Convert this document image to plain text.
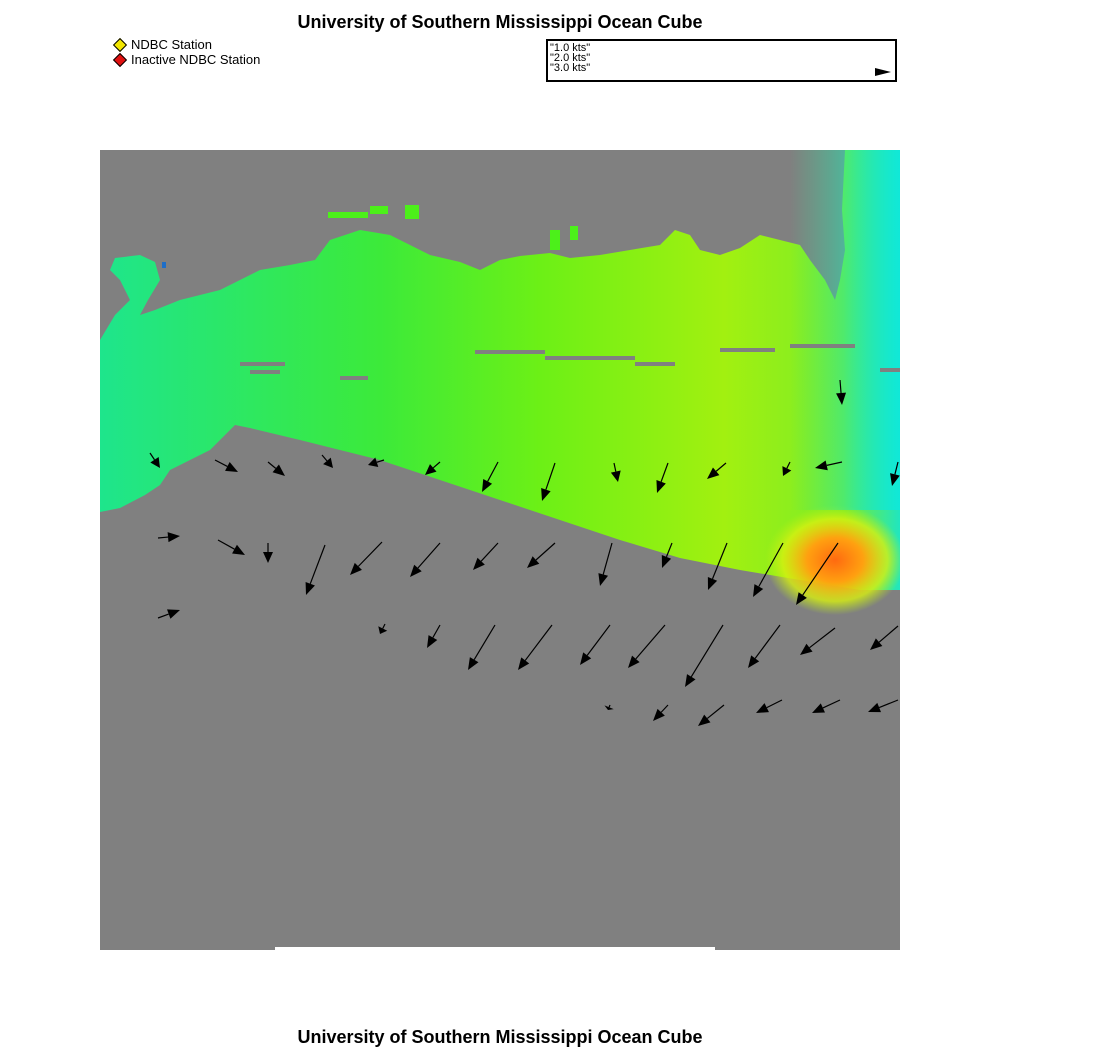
University of Southern Mississippi Ocean Cube
NDBC Station
Inactive NDBC Station
"1.0 kts"
"2.0 kts"
"3.0 kts"
University of Southern Mississippi Ocean Cube
